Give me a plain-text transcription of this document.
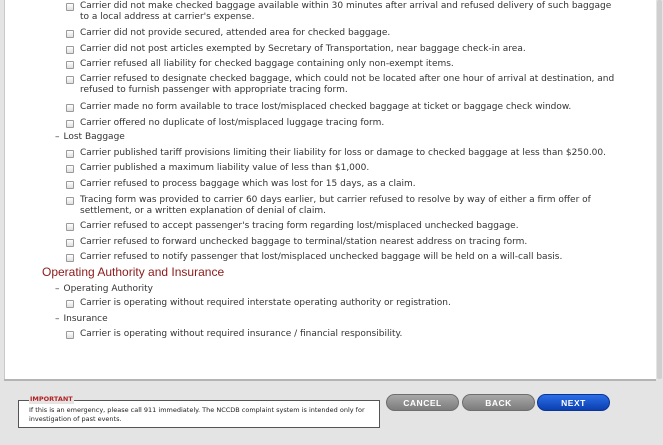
Carrier did not make checked baggage available within 30 minutes after arrival and refused delivery of such baggage to a local address at carrier's expense.
Carrier did not provide secured, attended area for checked baggage.
Carrier did not post articles exempted by Secretary of Transportation, near baggage check-in area.
Carrier refused all liability for checked baggage containing only non-exempt items.
Carrier refused to designate checked baggage, which could not be located after one hour of arrival at destination, and refused to furnish passenger with appropriate tracing form.
Carrier made no form available to trace lost/misplaced checked baggage at ticket or baggage check window.
Carrier offered no duplicate of lost/misplaced luggage tracing form.
– Lost Baggage
Carrier published tariff provisions limiting their liability for loss or damage to checked baggage at less than $250.00.
Carrier published a maximum liability value of less than $1,000.
Carrier refused to process baggage which was lost for 15 days, as a claim.
Tracing form was provided to carrier 60 days earlier, but carrier refused to resolve by way of either a firm offer of settlement, or a written explanation of denial of claim.
Carrier refused to accept passenger's tracing form regarding lost/misplaced unchecked baggage.
Carrier refused to forward unchecked baggage to terminal/station nearest address on tracing form.
Carrier refused to notify passenger that lost/misplaced unchecked baggage will be held on a will-call basis.
Operating Authority and Insurance
– Operating Authority
Carrier is operating without required interstate operating authority or registration.
– Insurance
Carrier is operating without required insurance / financial responsibility.
IMPORTANT
If this is an emergency, please call 911 immediately. The NCCDB complaint system is intended only for investigation of past events.
CANCEL	BACK	NEXT
